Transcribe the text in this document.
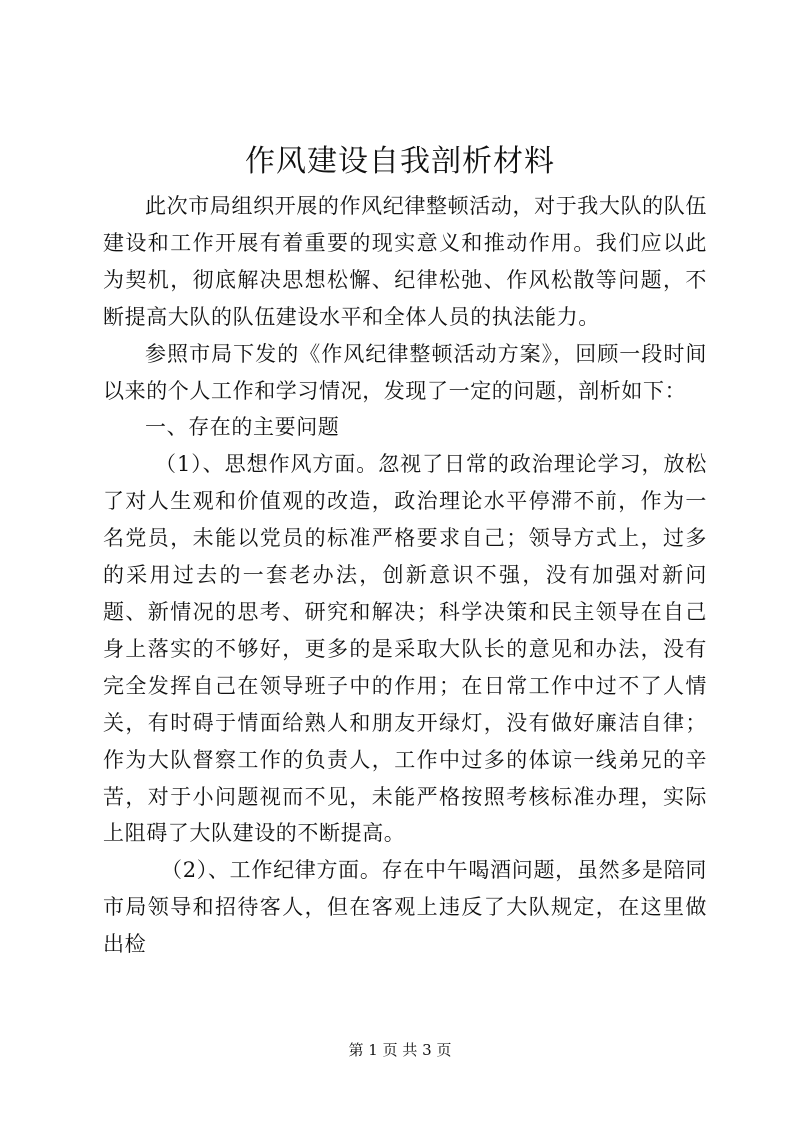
作风建设自我剖析材料

此次市局组织开展的作风纪律整顿活动，对于我大队的队伍建设和工作开展有着重要的现实意义和推动作用。我们应以此为契机，彻底解决思想松懈、纪律松弛、作风松散等问题，不断提高大队的队伍建设水平和全体人员的执法能力。

参照市局下发的《作风纪律整顿活动方案》，回顾一段时间以来的个人工作和学习情况，发现了一定的问题，剖析如下：

一、存在的主要问题

（1）、思想作风方面。忽视了日常的政治理论学习，放松了对人生观和价值观的改造，政治理论水平停滞不前，作为一名党员，未能以党员的标准严格要求自己；领导方式上，过多的采用过去的一套老办法，创新意识不强，没有加强对新问题、新情况的思考、研究和解决；科学决策和民主领导在自己身上落实的不够好，更多的是采取大队长的意见和办法，没有完全发挥自己在领导班子中的作用；在日常工作中过不了人情关，有时碍于情面给熟人和朋友开绿灯，没有做好廉洁自律；作为大队督察工作的负责人，工作中过多的体谅一线弟兄的辛苦，对于小问题视而不见，未能严格按照考核标准办理，实际上阻碍了大队建设的不断提高。

（2）、工作纪律方面。存在中午喝酒问题，虽然多是陪同市局领导和招待客人，但在客观上违反了大队规定，在这里做出检

第 1 页 共 3 页
